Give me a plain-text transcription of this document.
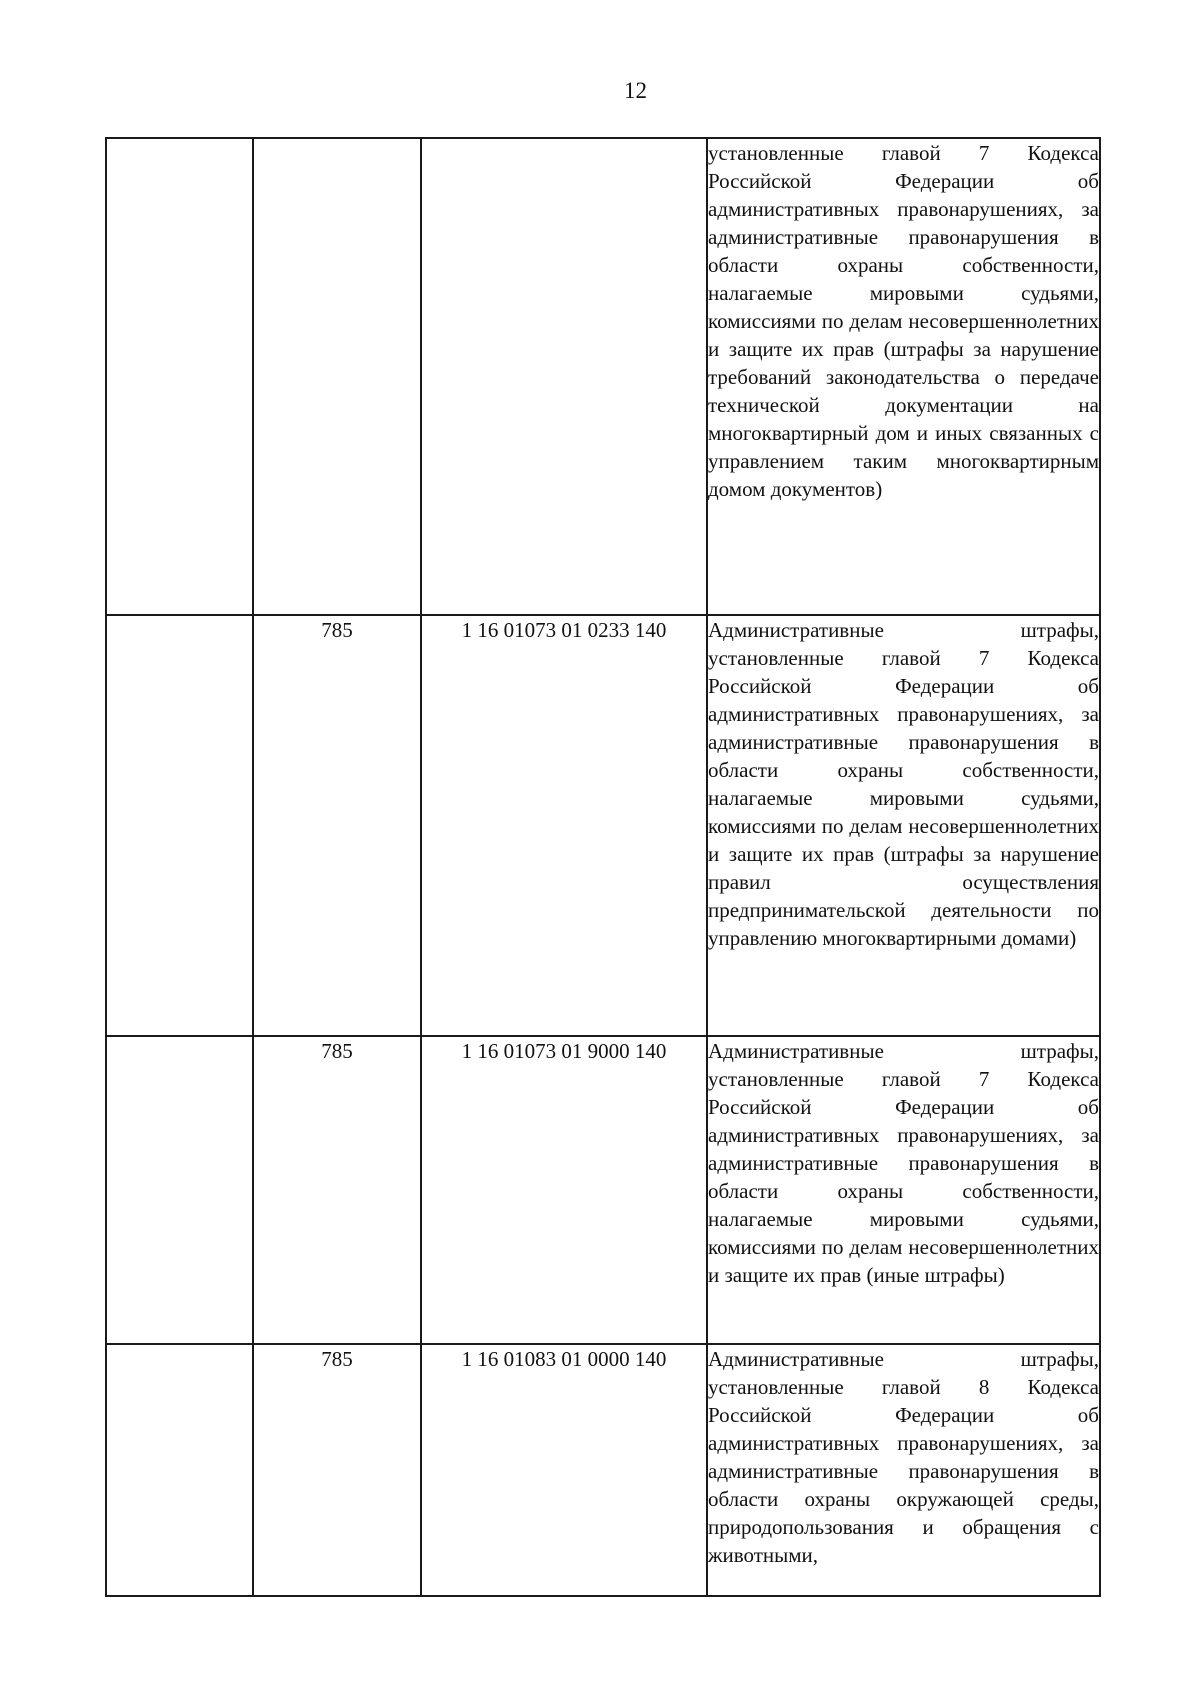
12

			установленные главой 7 Кодекса Российской Федерации об административных правонарушениях, за административные правонарушения в области охраны собственности, налагаемые мировыми судьями, комиссиями по делам несовершеннолетних и защите их прав (штрафы за нарушение требований законодательства о передаче технической документации на многоквартирный дом и иных связанных с управлением таким многоквартирным домом документов)

	785	1 16 01073 01 0233 140	Административные штрафы, установленные главой 7 Кодекса Российской Федерации об административных правонарушениях, за административные правонарушения в области охраны собственности, налагаемые мировыми судьями, комиссиями по делам несовершеннолетних и защите их прав (штрафы за нарушение правил осуществления предпринимательской деятельности по управлению многоквартирными домами)

	785	1 16 01073 01 9000 140	Административные штрафы, установленные главой 7 Кодекса Российской Федерации об административных правонарушениях, за административные правонарушения в области охраны собственности, налагаемые мировыми судьями, комиссиями по делам несовершеннолетних и защите их прав (иные штрафы)

	785	1 16 01083 01 0000 140	Административные штрафы, установленные главой 8 Кодекса Российской Федерации об административных правонарушениях, за административные правонарушения в области охраны окружающей среды, природопользования и обращения с животными,
